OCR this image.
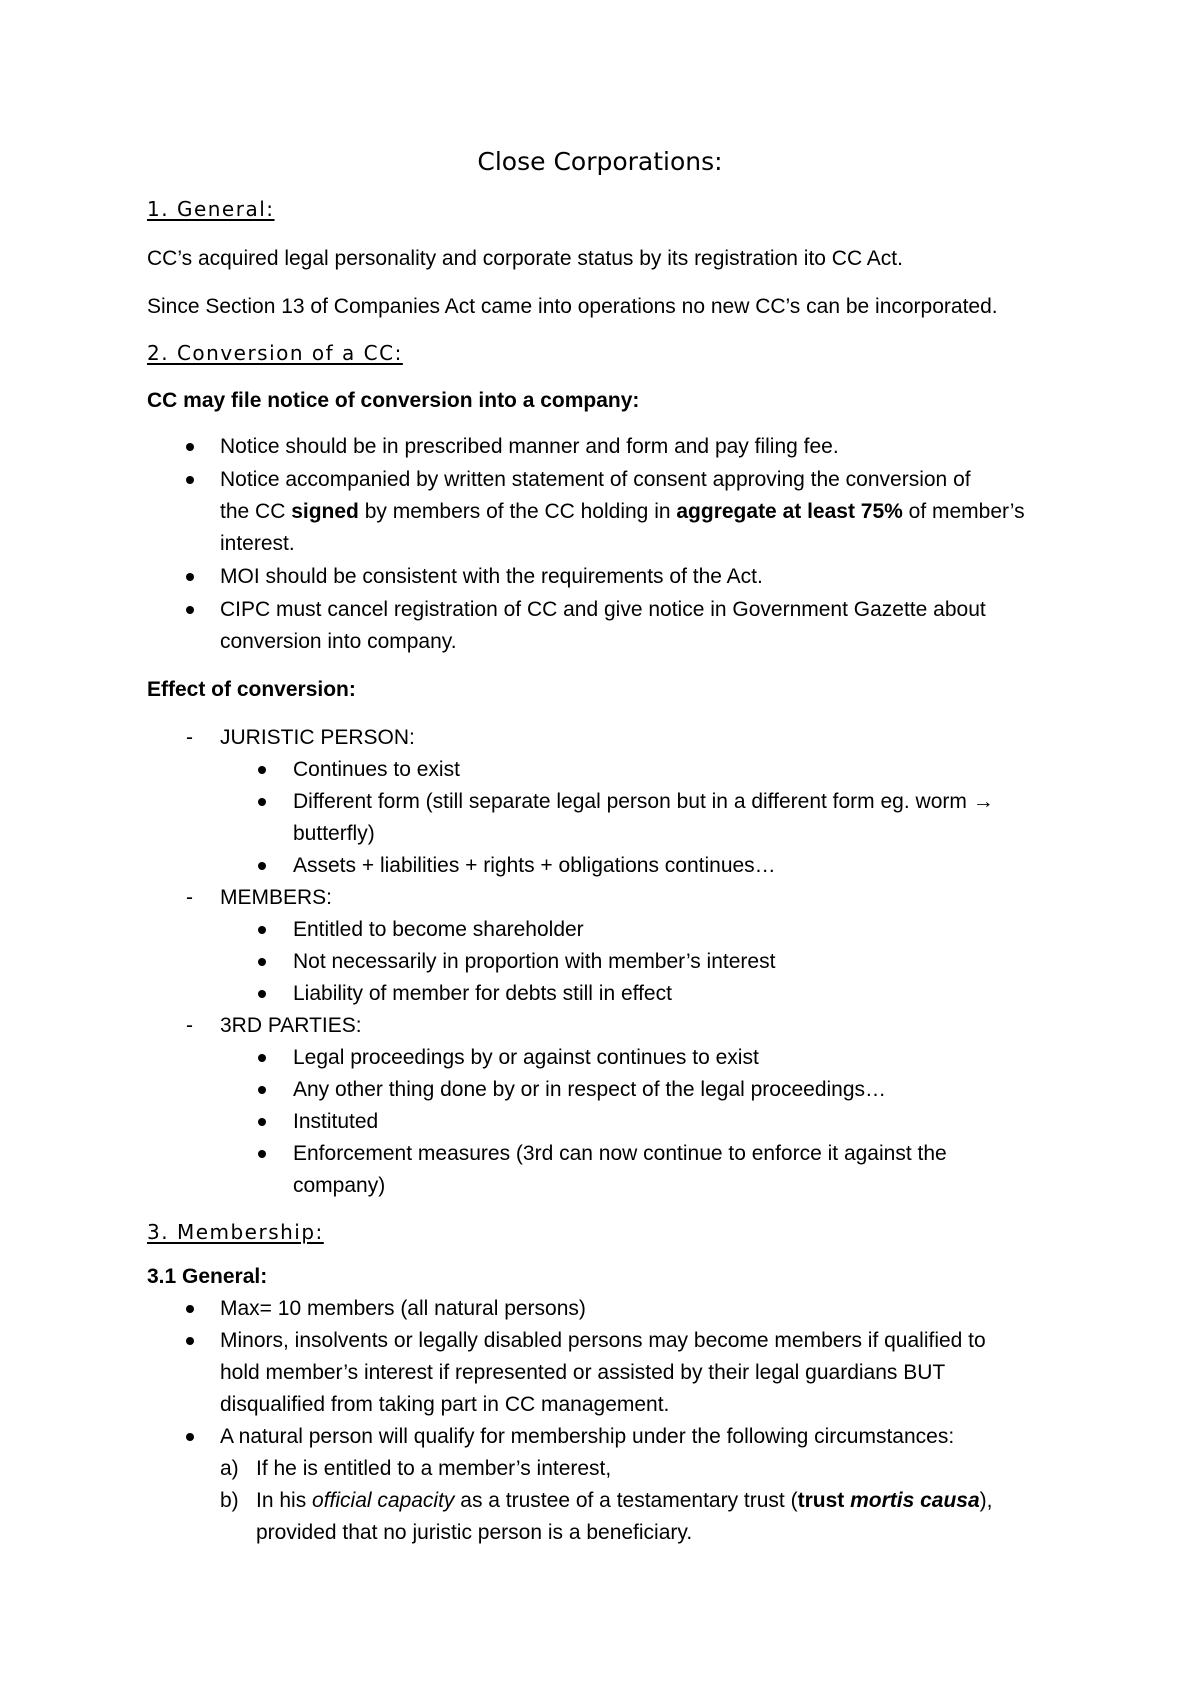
Close Corporations:
1. General:
CC’s acquired legal personality and corporate status by its registration ito CC Act.
Since Section 13 of Companies Act came into operations no new CC’s can be incorporated.
2. Conversion of a CC:
CC may file notice of conversion into a company:
Notice should be in prescribed manner and form and pay filing fee.
Notice accompanied by written statement of consent approving the conversion of
the CC signed by members of the CC holding in aggregate at least 75% of member’s
interest.
MOI should be consistent with the requirements of the Act.
CIPC must cancel registration of CC and give notice in Government Gazette about
conversion into company.
Effect of conversion:
- JURISTIC PERSON:
Continues to exist
Different form (still separate legal person but in a different form eg. worm →
butterfly)
Assets + liabilities + rights + obligations continues…
- MEMBERS:
Entitled to become shareholder
Not necessarily in proportion with member’s interest
Liability of member for debts still in effect
- 3RD PARTIES:
Legal proceedings by or against continues to exist
Any other thing done by or in respect of the legal proceedings…
Instituted
Enforcement measures (3rd can now continue to enforce it against the
company)
3. Membership:
3.1 General:
Max= 10 members (all natural persons)
Minors, insolvents or legally disabled persons may become members if qualified to
hold member’s interest if represented or assisted by their legal guardians BUT
disqualified from taking part in CC management.
A natural person will qualify for membership under the following circumstances:
a) If he is entitled to a member’s interest,
b) In his official capacity as a trustee of a testamentary trust (trust mortis causa),
provided that no juristic person is a beneficiary.
